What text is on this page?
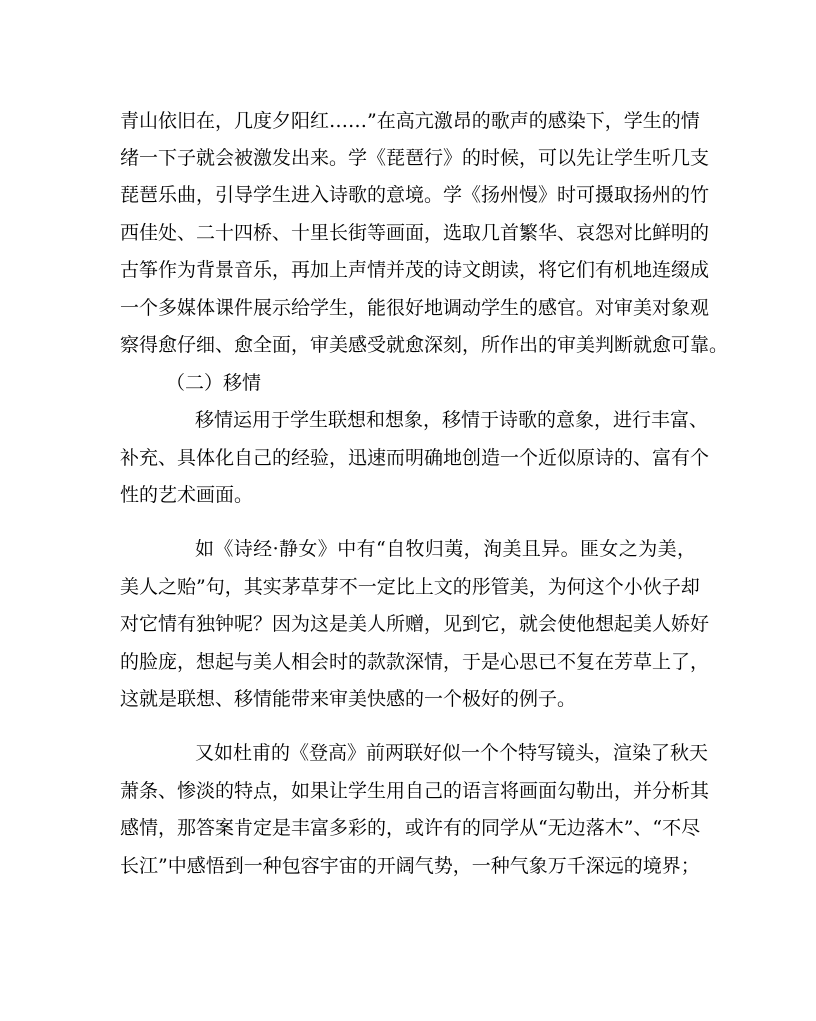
青山依旧在，几度夕阳红……”在高亢激昂的歌声的感染下，学生的情
绪一下子就会被激发出来。学《琵琶行》的时候，可以先让学生听几支
琵琶乐曲，引导学生进入诗歌的意境。学《扬州慢》时可摄取扬州的竹
西佳处、二十四桥、十里长街等画面，选取几首繁华、哀怨对比鲜明的
古筝作为背景音乐，再加上声情并茂的诗文朗读，将它们有机地连缀成
一个多媒体课件展示给学生，能很好地调动学生的感官。对审美对象观
察得愈仔细、愈全面，审美感受就愈深刻，所作出的审美判断就愈可靠。
（二）移情
移情运用于学生联想和想象，移情于诗歌的意象，进行丰富、
补充、具体化自己的经验，迅速而明确地创造一个近似原诗的、富有个
性的艺术画面。
如《诗经·静女》中有“自牧归荑，洵美且异。匪女之为美，
美人之贻”句，其实茅草芽不一定比上文的彤管美，为何这个小伙子却
对它情有独钟呢？因为这是美人所赠，见到它，就会使他想起美人娇好
的脸庞，想起与美人相会时的款款深情，于是心思已不复在芳草上了，
这就是联想、移情能带来审美快感的一个极好的例子。
又如杜甫的《登高》前两联好似一个个特写镜头，渲染了秋天
萧条、惨淡的特点，如果让学生用自己的语言将画面勾勒出，并分析其
感情，那答案肯定是丰富多彩的，或许有的同学从“无边落木”、“不尽
长江”中感悟到一种包容宇宙的开阔气势，一种气象万千深远的境界；
